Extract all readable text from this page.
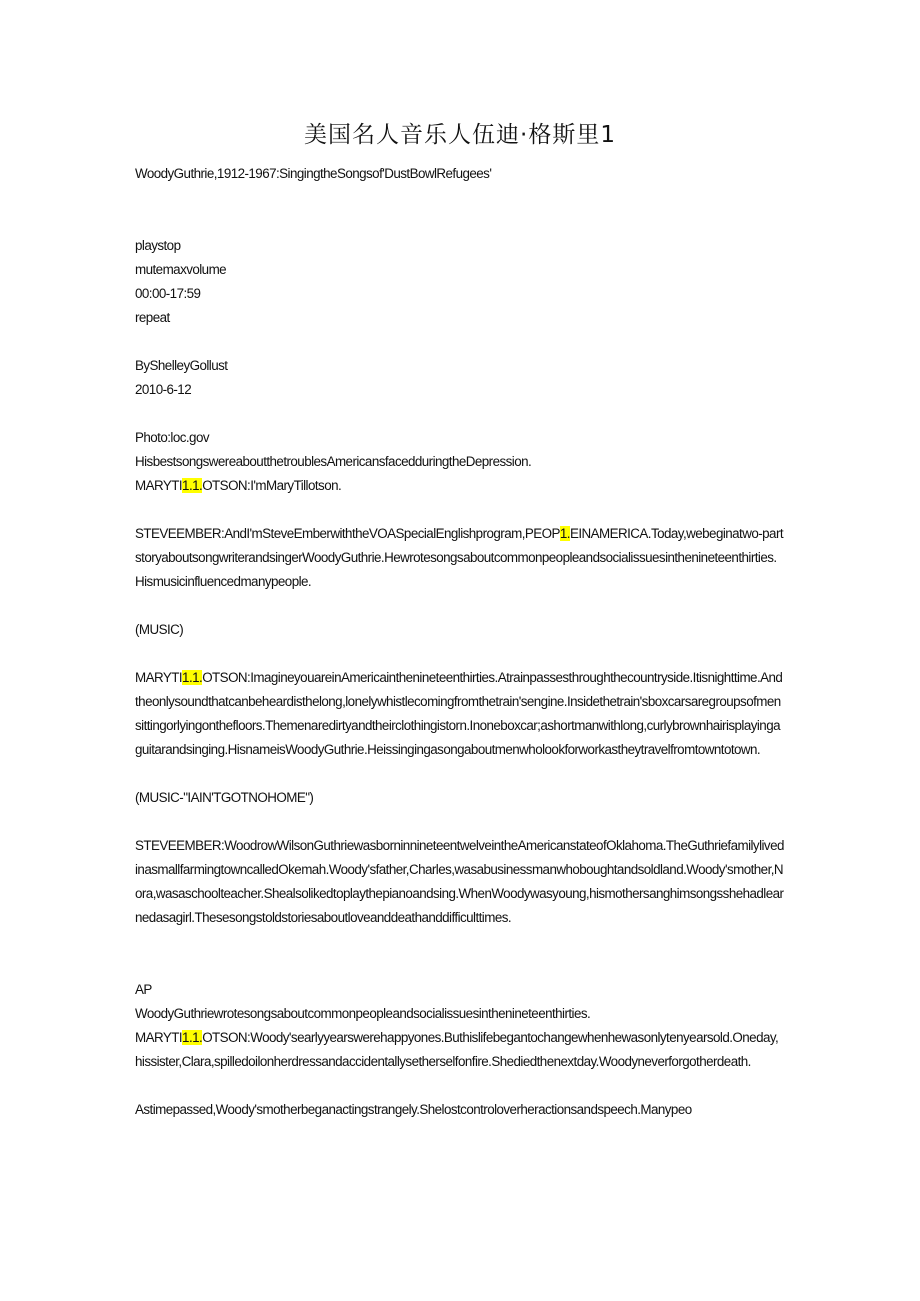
美国名人音乐人伍迪·格斯里1

WoodyGuthrie,1912-1967:SingingtheSongsof'DustBowlRefugees'

playstop

mutemaxvolume

00:00-17:59

repeat

ByShelleyGollust

2010-6-12

Photo:loc.gov

HisbestsongswereaboutthetroublesAmericansfacedduringtheDepression.

MARYTI1.1.OTSON:I'mMaryTillotson.

STEVEEMBER:AndI'mSteveEmberwiththeVOASpecialEnglishprogram,PEOP1.EINAMERICA.Today,webeginatwo-partstoryaboutsongwriterandsingerWoodyGuthrie.Hewrotesongsaboutcommonpeopleandsocialissuesinthenineteenthirties.Hismusicinfluencedmanypeople.

(MUSIC)

MARYTI1.1.OTSON:ImagineyouareinAmericainthenineteenthirties.Atrainpassesthroughthecountryside.Itisnighttime.Andtheonlysoundthatcanbeheardisthelong,lonelywhistlecomingfromthetrain'sengine.Insidethetrain'sboxcarsaregroupsofmensittingorlyingonthefloors.Themenaredirtyandtheirclothingistorn.Inoneboxcar;ashortmanwithlong,curlybrownhairisplayingaguitarandsinging.HisnameisWoodyGuthrie.Heissingingasongaboutmenwholookforworkastheytravelfromtowntotown.

(MUSIC-"IAIN'TGOTNOHOME")

STEVEEMBER:WoodrowWilsonGuthriewasborninnineteentwelveintheAmericanstateofOklahoma.TheGuthriefamilylivedinasmallfarmingtowncalledOkemah.Woody'sfather,Charles,wasabusinessmanwhoboughtandsoldland.Woody'smother,Nora,wasaschoolteacher.Shealsolikedtoplaythepianoandsing.WhenWoodywasyoung,hismothersanghimsongsshehadlearnedasagirl.Thesesongstoldstoriesaboutloveanddeathanddifficulttimes.

AP

WoodyGuthriewrotesongsaboutcommonpeopleandsocialissuesinthenineteenthirties.

MARYTI1.1.OTSON:Woody'searlyyearswerehappyones.Buthislifebegantochangewhenhewasonlytenyearsold.Oneday,hissister,Clara,spilledoilonherdressandaccidentallysetherselfonfire.Shediedthenextday.Woodyneverforgotherdeath.

Astimepassed,Woody'smotherbeganactingstrangely.Shelostcontroloverheractionsandspeech.Manypeo
